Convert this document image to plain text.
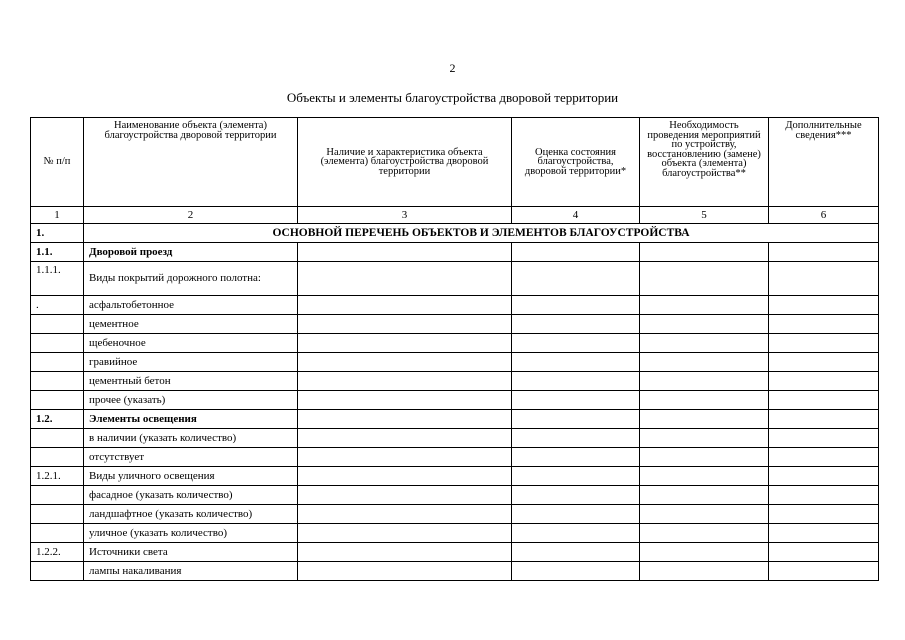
2
Объекты и элементы благоустройства дворовой территории
№ п/п	Наименование объекта (элемента) благоустройства дворовой территории	Наличие и характеристика объекта (элемента) благоустройства дворовой территории	Оценка состояния благоустройства, дворовой территории*	Необходимость проведения мероприятий по устройству, восстановлению (замене) объекта (элемента) благоустройства**	Дополнительные сведения***
1	2	3	4	5	6
1.	ОСНОВНОЙ ПЕРЕЧЕНЬ ОБЪЕКТОВ И ЭЛЕМЕНТОВ БЛАГОУСТРОЙСТВА				
1.1.	Дворовой проезд				
1.1.1.	Виды покрытий дорожного полотна:				
.	асфальтобетонное				
	цементное				
	щебеночное				
	гравийное				
	цементный бетон				
	прочее (указать)				
1.2.	Элементы освещения				
	в наличии (указать количество)				
	отсутствует				
1.2.1.	Виды уличного освещения				
	фасадное (указать количество)				
	ландшафтное (указать количество)				
	уличное (указать количество)				
1.2.2.	Источники света				
	лампы накаливания				
